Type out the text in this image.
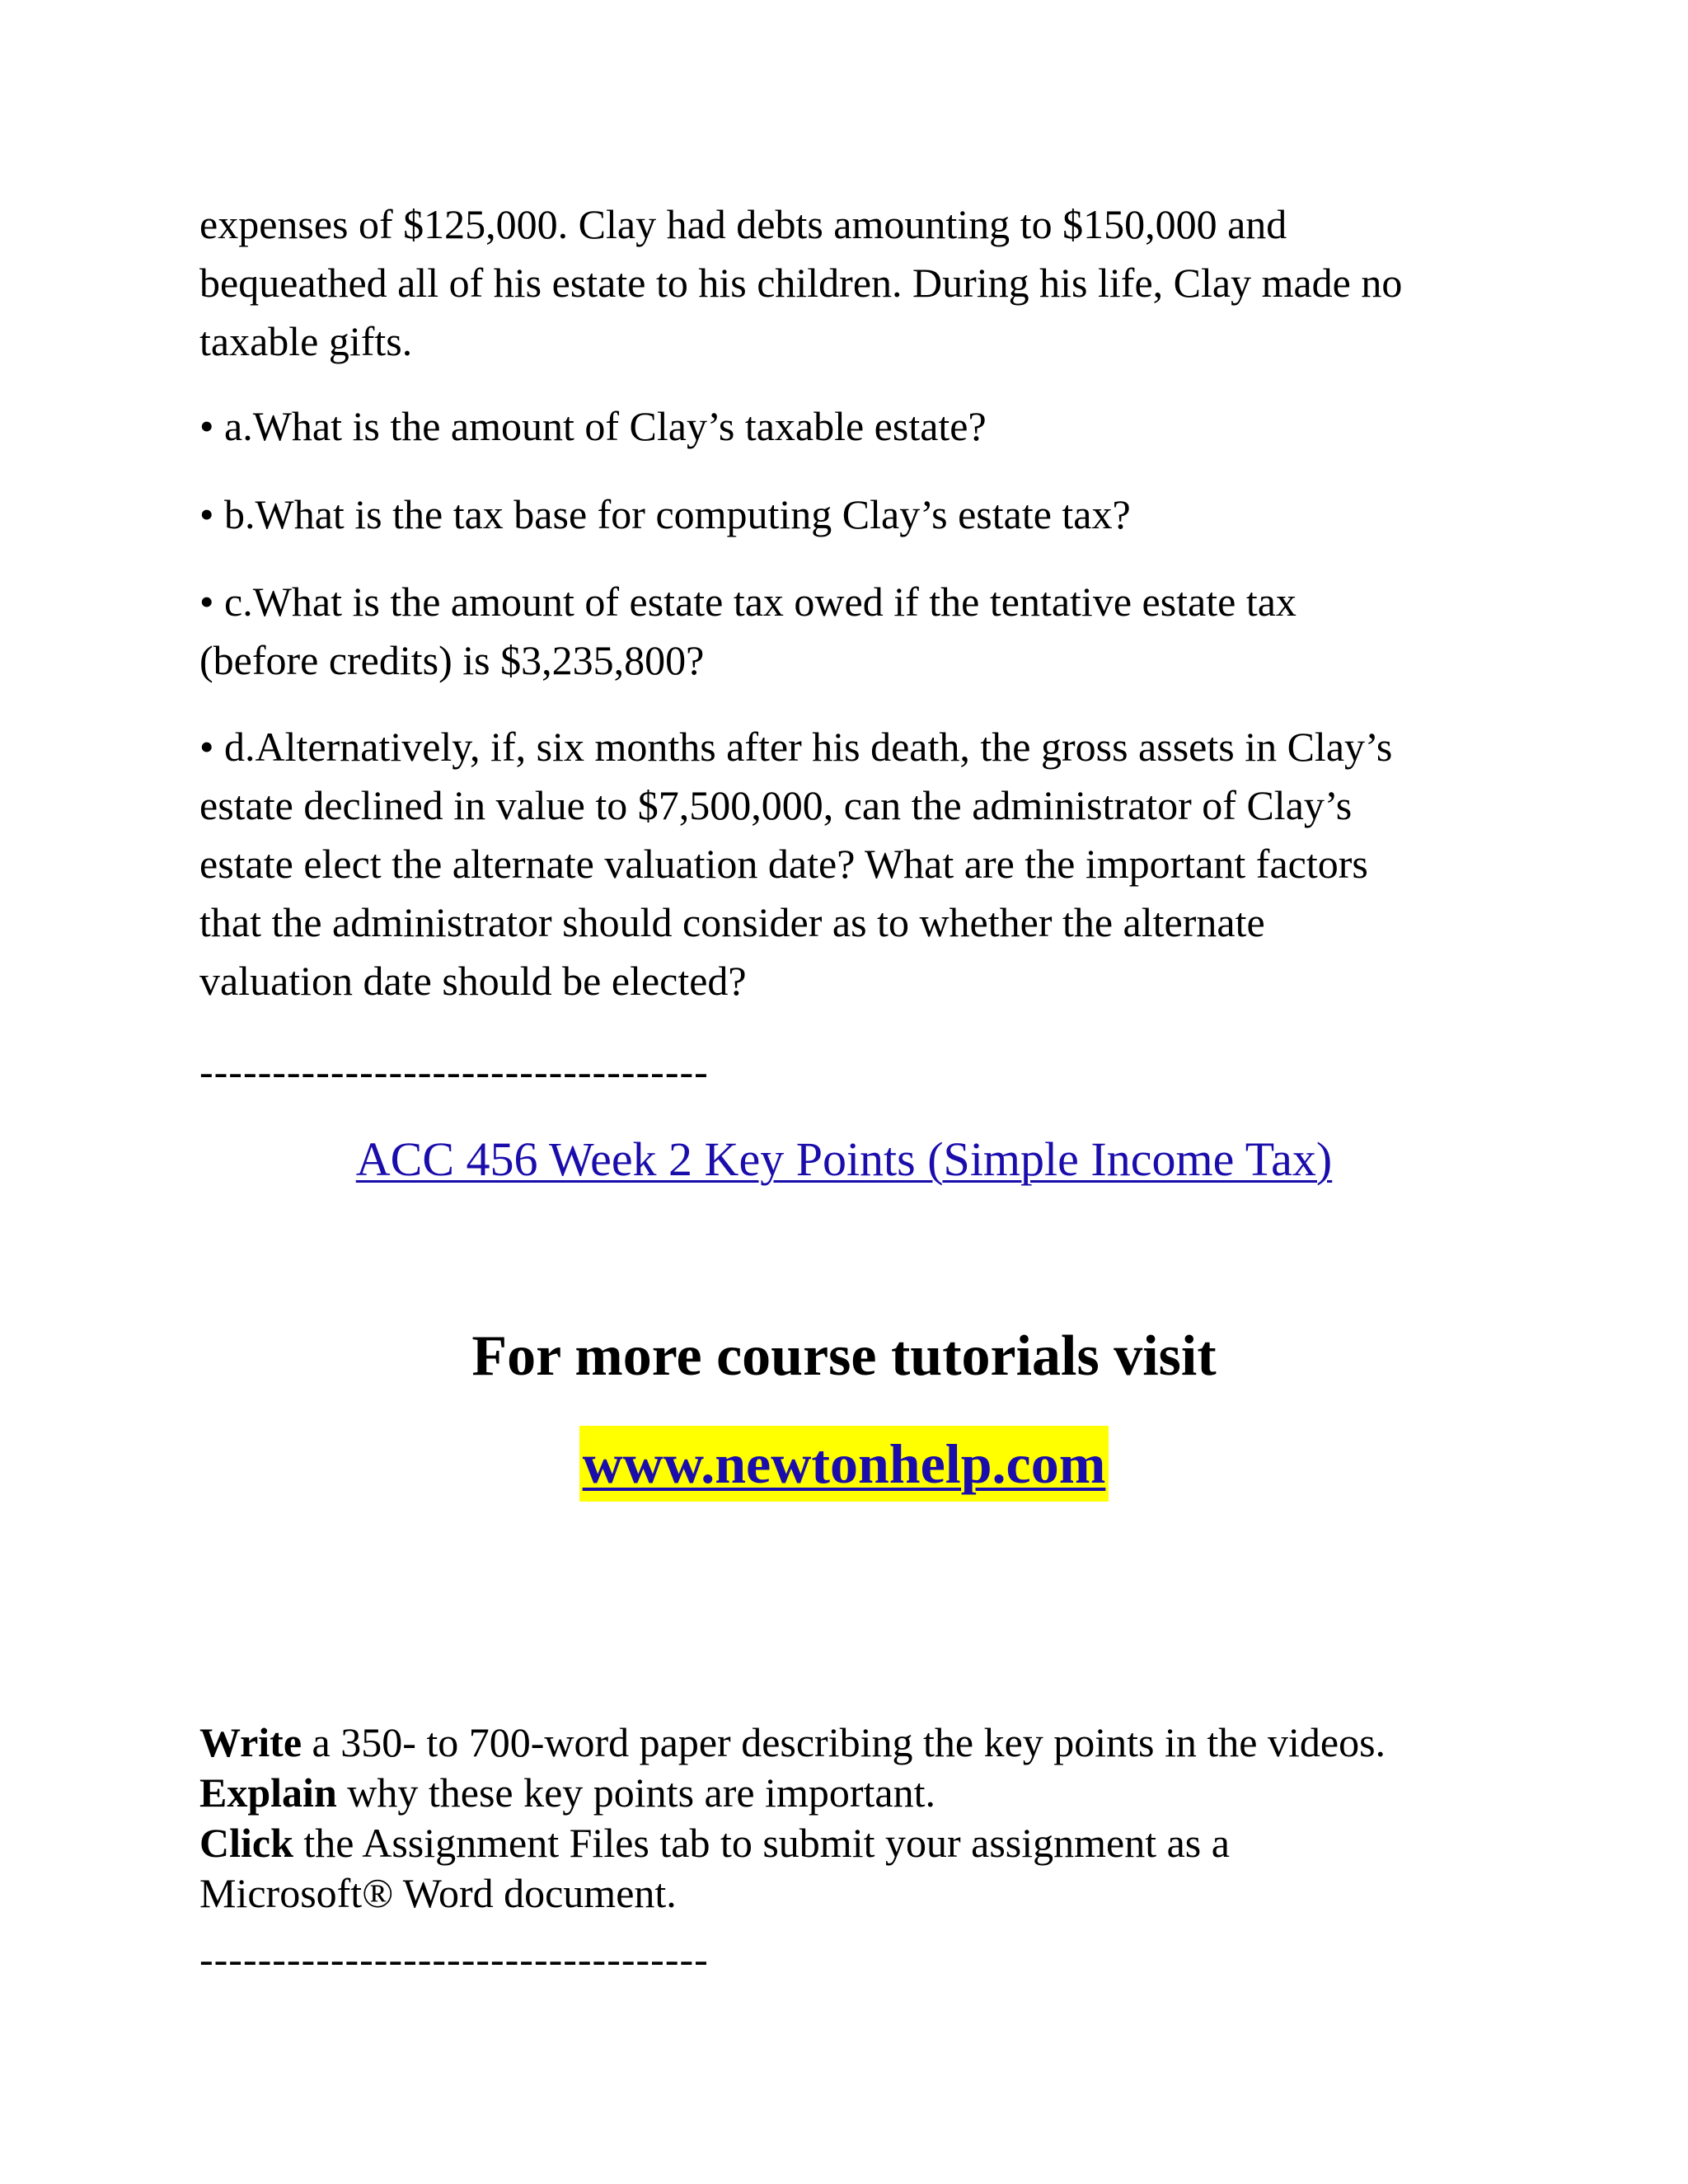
expenses of $125,000. Clay had debts amounting to $150,000 and
bequeathed all of his estate to his children. During his life, Clay made no
taxable gifts.
• a.What is the amount of Clay’s taxable estate?
• b.What is the tax base for computing Clay’s estate tax?
• c.What is the amount of estate tax owed if the tentative estate tax
(before credits) is $3,235,800?
• d.Alternatively, if, six months after his death, the gross assets in Clay’s
estate declined in value to $7,500,000, can the administrator of Clay’s
estate elect the alternate valuation date? What are the important factors
that the administrator should consider as to whether the alternate
valuation date should be elected?
-----------------------------------
ACC 456 Week 2 Key Points (Simple Income Tax)
For more course tutorials visit
www.newtonhelp.com
Write a 350- to 700-word paper describing the key points in the videos.
Explain why these key points are important.
Click the Assignment Files tab to submit your assignment as a
Microsoft® Word document.
-----------------------------------
